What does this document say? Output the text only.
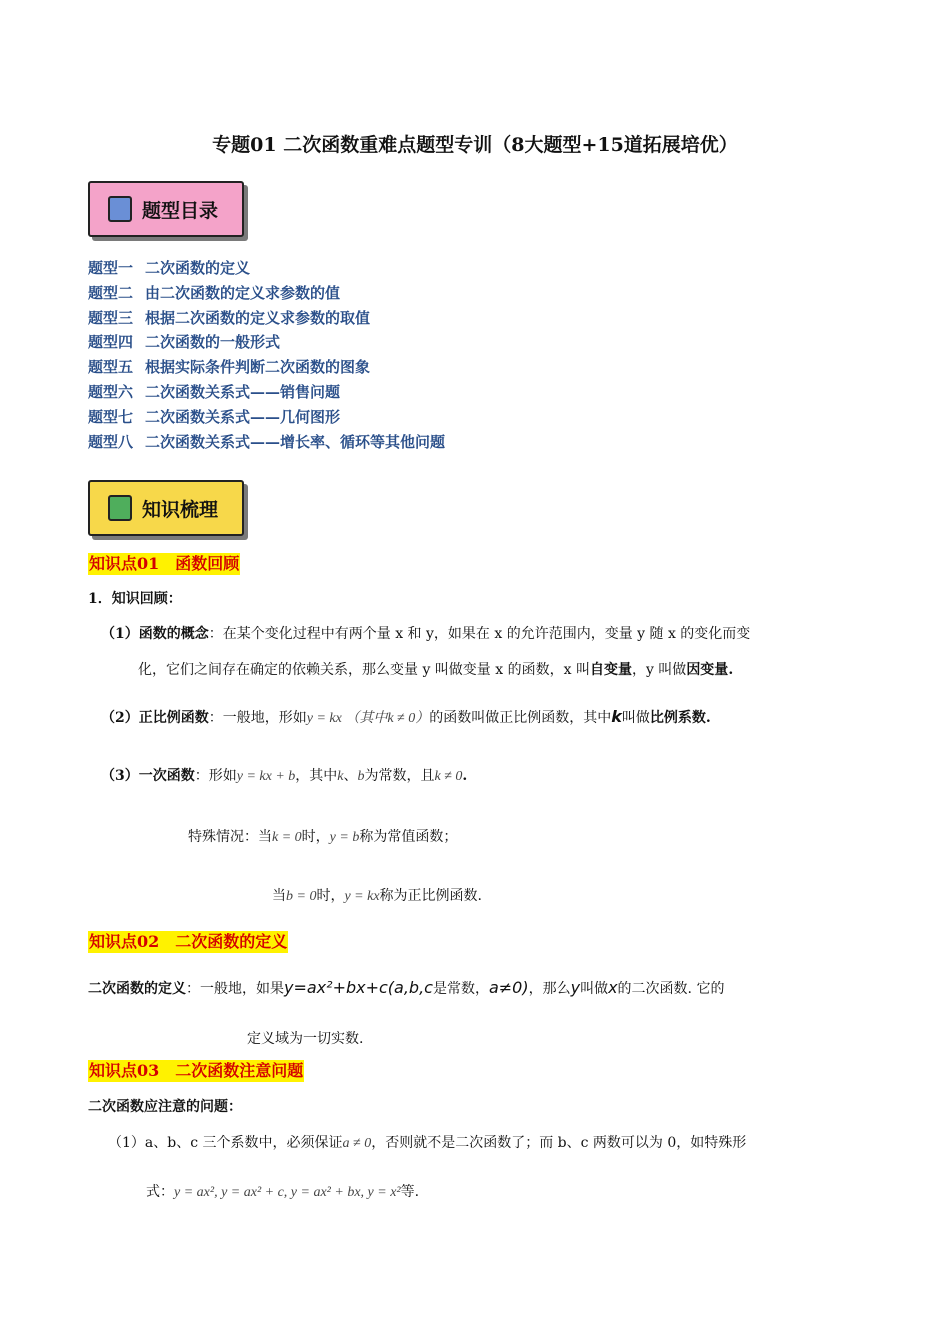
专题01 二次函数重难点题型专训（8大题型+15道拓展培优）
题型目录
题型一 二次函数的定义
题型二 由二次函数的定义求参数的值
题型三 根据二次函数的定义求参数的取值
题型四 二次函数的一般形式
题型五 根据实际条件判断二次函数的图象
题型六 二次函数关系式——销售问题
题型七 二次函数关系式——几何图形
题型八 二次函数关系式——增长率、循环等其他问题
知识梳理
知识点01　函数回顾
1．知识回顾：
（1）函数的概念：在某个变化过程中有两个量 x 和 y，如果在 x 的允许范围内，变量 y 随 x 的变化而变
化，它们之间存在确定的依赖关系，那么变量 y 叫做变量 x 的函数，x 叫自变量，y 叫做因变量.
（2）正比例函数：一般地，形如y = kx （其中k ≠ 0）的函数叫做正比例函数，其中k叫做比例系数.
（3）一次函数：形如y = kx + b，其中k、b为常数，且k ≠ 0.
特殊情况：当k = 0时，y = b称为常值函数；
当b = 0时，y = kx称为正比例函数.
知识点02　二次函数的定义
二次函数的定义：一般地，如果y=ax²+bx+c(a,b,c是常数，a≠0)，那么y叫做x的二次函数. 它的
定义域为一切实数.
知识点03　二次函数注意问题
二次函数应注意的问题：
（1）a、b、c 三个系数中，必须保证a ≠ 0，否则就不是二次函数了；而 b、c 两数可以为 0，如特殊形
式：y = ax², y = ax² + c, y = ax² + bx, y = x²等.
